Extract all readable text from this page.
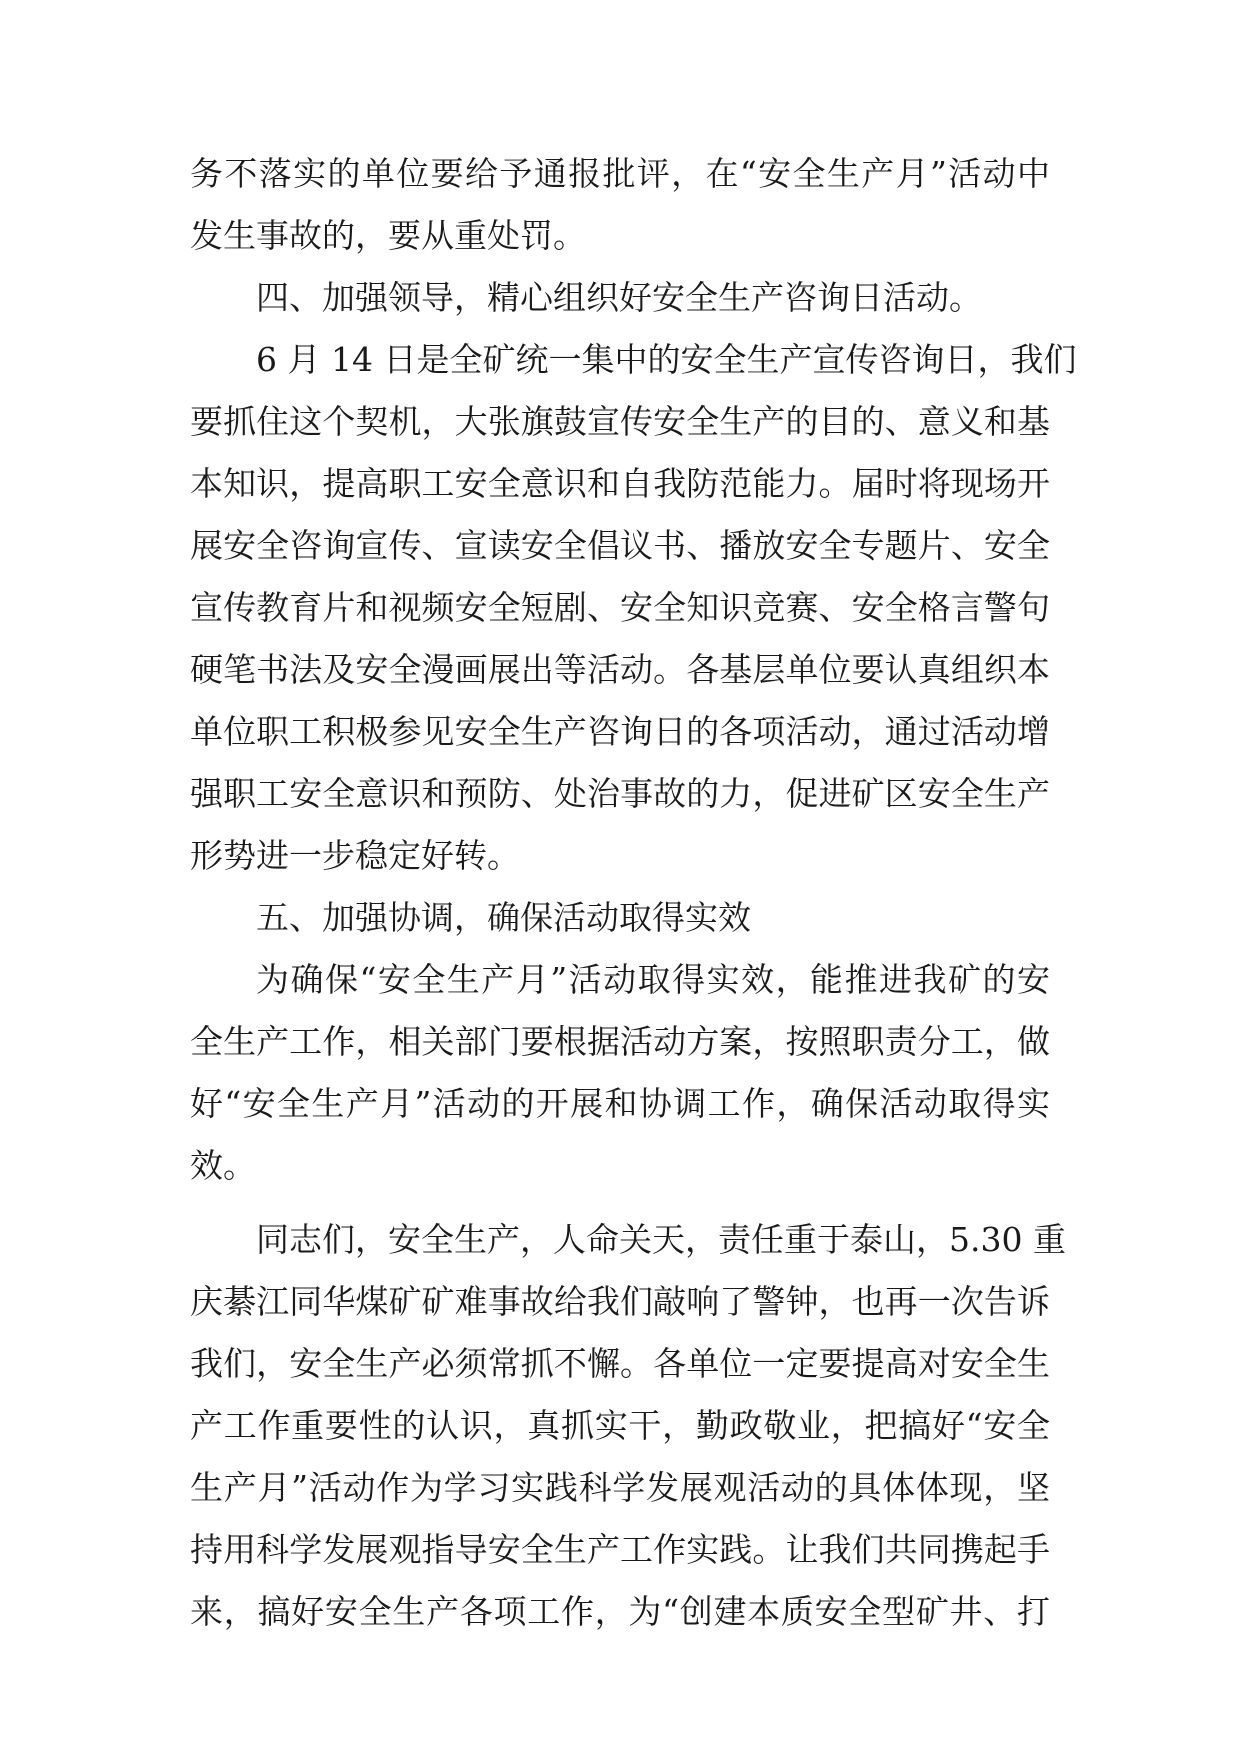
务不落实的单位要给予通报批评，在“安全生产月”活动中
发生事故的，要从重处罚。
四、加强领导，精心组织好安全生产咨询日活动。
6 月 14 日是全矿统一集中的安全生产宣传咨询日，我们
要抓住这个契机，大张旗鼓宣传安全生产的目的、意义和基
本知识，提高职工安全意识和自我防范能力。届时将现场开
展安全咨询宣传、宣读安全倡议书、播放安全专题片、安全
宣传教育片和视频安全短剧、安全知识竞赛、安全格言警句
硬笔书法及安全漫画展出等活动。各基层单位要认真组织本
单位职工积极参见安全生产咨询日的各项活动，通过活动增
强职工安全意识和预防、处治事故的力，促进矿区安全生产
形势进一步稳定好转。
五、加强协调，确保活动取得实效
为确保“安全生产月”活动取得实效，能推进我矿的安
全生产工作，相关部门要根据活动方案，按照职责分工，做
好“安全生产月”活动的开展和协调工作，确保活动取得实
效。
同志们，安全生产，人命关天，责任重于泰山，5.30 重
庆綦江同华煤矿矿难事故给我们敲响了警钟，也再一次告诉
我们，安全生产必须常抓不懈。各单位一定要提高对安全生
产工作重要性的认识，真抓实干，勤政敬业，把搞好“安全
生产月”活动作为学习实践科学发展观活动的具体体现，坚
持用科学发展观指导安全生产工作实践。让我们共同携起手
来，搞好安全生产各项工作，为“创建本质安全型矿井、打
